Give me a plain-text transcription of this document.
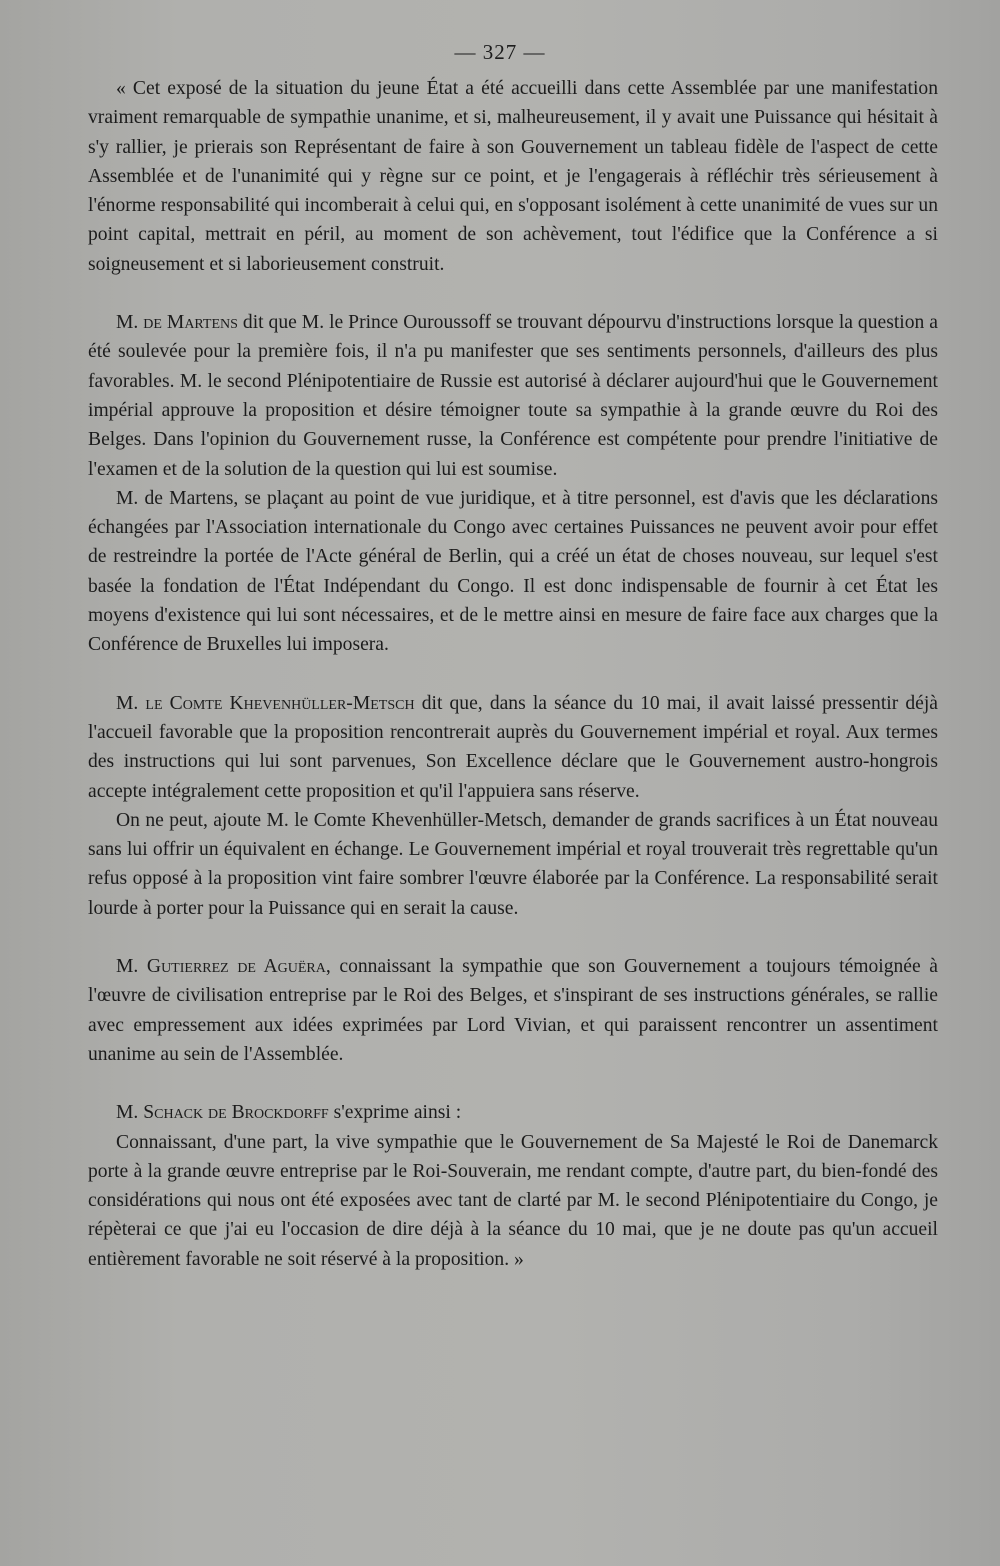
— 327 —

« Cet exposé de la situation du jeune État a été accueilli dans cette Assemblée par une manifestation vraiment remarquable de sympathie unanime, et si, malheureusement, il y avait une Puissance qui hésitait à s'y rallier, je prierais son Représentant de faire à son Gouvernement un tableau fidèle de l'aspect de cette Assemblée et de l'unanimité qui y règne sur ce point, et je l'engagerais à réfléchir très sérieusement à l'énorme responsabilité qui incomberait à celui qui, en s'opposant isolément à cette unanimité de vues sur un point capital, mettrait en péril, au moment de son achèvement, tout l'édifice que la Conférence a si soigneusement et si laborieusement construit.

M. de Martens dit que M. le Prince Ouroussoff se trouvant dépourvu d'instructions lorsque la question a été soulevée pour la première fois, il n'a pu manifester que ses sentiments personnels, d'ailleurs des plus favorables. M. le second Plénipotentiaire de Russie est autorisé à déclarer aujourd'hui que le Gouvernement impérial approuve la proposition et désire témoigner toute sa sympathie à la grande œuvre du Roi des Belges. Dans l'opinion du Gouvernement russe, la Conférence est compétente pour prendre l'initiative de l'examen et de la solution de la question qui lui est soumise.

M. de Martens, se plaçant au point de vue juridique, et à titre personnel, est d'avis que les déclarations échangées par l'Association internationale du Congo avec certaines Puissances ne peuvent avoir pour effet de restreindre la portée de l'Acte général de Berlin, qui a créé un état de choses nouveau, sur lequel s'est basée la fondation de l'État Indépendant du Congo. Il est donc indispensable de fournir à cet État les moyens d'existence qui lui sont nécessaires, et de le mettre ainsi en mesure de faire face aux charges que la Conférence de Bruxelles lui imposera.

M. le Comte Khevenhüller-Metsch dit que, dans la séance du 10 mai, il avait laissé pressentir déjà l'accueil favorable que la proposition rencontrerait auprès du Gouvernement impérial et royal. Aux termes des instructions qui lui sont parvenues, Son Excellence déclare que le Gouvernement austro-hongrois accepte intégralement cette proposition et qu'il l'appuiera sans réserve.

On ne peut, ajoute M. le Comte Khevenhüller-Metsch, demander de grands sacrifices à un État nouveau sans lui offrir un équivalent en échange. Le Gouvernement impérial et royal trouverait très regrettable qu'un refus opposé à la proposition vint faire sombrer l'œuvre élaborée par la Conférence. La responsabilité serait lourde à porter pour la Puissance qui en serait la cause.

M. Gutierrez de Aguëra, connaissant la sympathie que son Gouvernement a toujours témoignée à l'œuvre de civilisation entreprise par le Roi des Belges, et s'inspirant de ses instructions générales, se rallie avec empressement aux idées exprimées par Lord Vivian, et qui paraissent rencontrer un assentiment unanime au sein de l'Assemblée.

M. Schack de Brockdorff s'exprime ainsi :

Connaissant, d'une part, la vive sympathie que le Gouvernement de Sa Majesté le Roi de Danemarck porte à la grande œuvre entreprise par le Roi-Souverain, me rendant compte, d'autre part, du bien-fondé des considérations qui nous ont été exposées avec tant de clarté par M. le second Plénipotentiaire du Congo, je répèterai ce que j'ai eu l'occasion de dire déjà à la séance du 10 mai, que je ne doute pas qu'un accueil entièrement favorable ne soit réservé à la proposition. »
